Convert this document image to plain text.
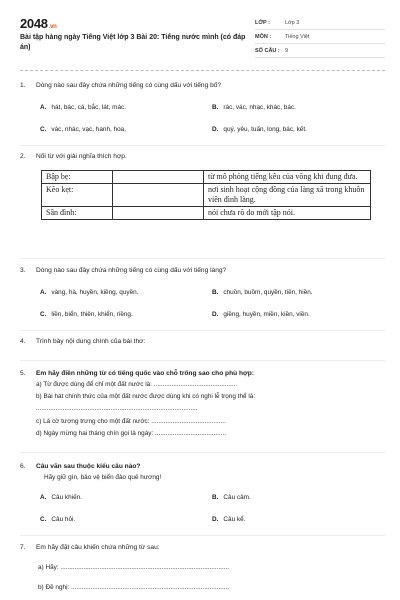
2048.vn
Bài tập hàng ngày Tiếng Việt lớp 3 Bài 20: Tiếng nước mình (có đáp án)
LỚP :	Lớp 3
MÔN :	Tiếng Việt
SỐ CÂU : 9
1. Dòng nào sau đây chứa những tiếng có cùng dấu với tiếng bố?
A. hát, bác, cá, bắc, lát, mác.	B. rác, vác, nhạc, khác, bác.
C. vác, nhác, vạc, hanh, hoa,	D. quý, yêu, tuấn, long, bác, kết.
2. Nối từ với giải nghĩa thích hợp.
Bập bẹ:		từ mô phỏng tiếng kêu của võng khi đung đưa.
Kẽo kẹt:		nơi sinh hoạt cộng đồng của làng xã trong khuôn viên đình làng.
Sân đình:		nói chưa rõ do mới tập nói.
3. Dòng nào sau đây chứa những tiếng có cùng dấu với tiếng làng?
A. vàng, hà, huyền, kiềng, quyền.	B. chuồn, buồm, quyền, tiền, hiền.
C. liền, biển, thiên, khiển, riềng.	D. giềng, huyền, miền, kiền, viền.
4. Trình bày nội dung chính của bài thơ:
5. Em hãy điền những từ có tiếng quốc vào chỗ trống sao cho phù hợp:
a) Từ được dùng để chỉ một đất nước là: ...............................................
b) Bài hát chính thức của một đất nước được dùng khi có nghi lễ trọng thể là:
...........................................................................................
c) Lá cờ tượng trưng cho một đất nước: ..........................................
d) Ngày mừng hai tháng chín gọi là ngày: ........................................
6. Câu văn sau thuộc kiểu câu nào?
Hãy giữ gìn, bảo vệ biển đảo quê hương!
A. Câu khiến.	B. Câu cảm.
C. Câu hỏi.	D. Câu kể.
7. Em hãy đặt câu khiến chứa những từ sau:
a) Hãy: ...............................................................................................
b) Đề nghị: .........................................................................................
